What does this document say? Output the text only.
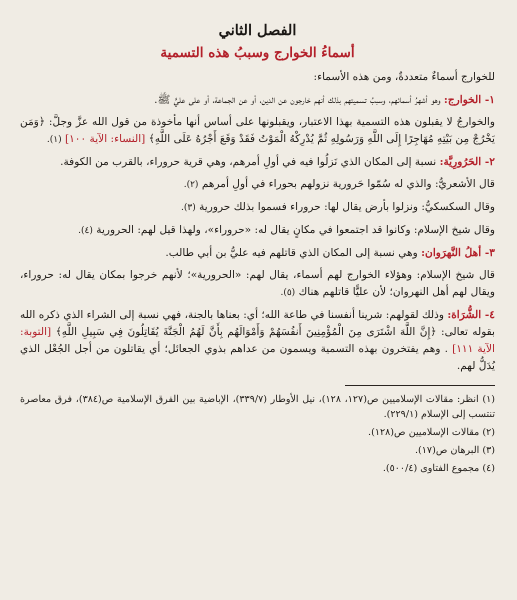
الفصل الثاني
أسماءُ الخوارج وسببُ هذه التسمية

للخوارج أسماءٌ متعددةٌ، ومن هذه الأسماء:

١- الخوارج: وهو أشهرُ أسمائهم، وسببُ تسميتهم بذلك أنهم خارجون عن الدين، أو عن الجماعة، أو على عليٍّ ﷺ.

والخوارجُ لا يقبلون هذه التسمية بهذا الاعتبار، ويقبلونها على أساس أنها مأخوذة من قول الله عزَّ وجلَّ: ﴿وَمَن يَخْرُجْ مِن بَيْتِهِ مُهَاجِرًا إِلَى اللَّهِ وَرَسُولِهِ ثُمَّ يُدْرِكْهُ الْمَوْتُ فَقَدْ وَقَعَ أَجْرُهُ عَلَى اللَّهِ﴾ [النساء: الآية ١٠٠] (١).

٢- الحَرُورِيَّة: نسبة إلى المكان الذي نَزلُوا فيه في أولِ أمرهم، وهي قرية حروراء، بالقرب من الكوفة.

قال الأشعريُّ: والذي له سُمّوا حَرورية نزولهم بحوراء في أولِ أمرهم (٢).

وقال السكسكيُّ: ونزلوا بأرض يقال لها: حروراء فسموا بذلك حرورية (٣).

وقال شيخ الإسلام: وكانوا قد اجتمعوا في مكانٍ يقال له: «حروراء»، ولهذا قيل لهم: الحرورية (٤).

٣- أهلُ النَّهرَوان: وهي نسبة إلى المكان الذي قاتلهم فيه عليُّ بن أبي طالب.

قال شيخ الإسلام: وهؤلاء الخوارج لهم أسماء، يقال لهم: «الحرورية»؛ لأنهم خرجوا بمكان يقال له: حروراء، ويقال لهم أهل النهروان؛ لأن عليًّا قاتلهم هناك (٥).

٤- الشُّرَاة: وذلك لقولهم: شرينا أنفسنا في طاعة الله؛ أي: بعناها بالجنة، فهي نسبة إلى الشراء الذي ذكره الله بقوله تعالى: ﴿إِنَّ اللَّهَ اشْتَرَى مِنَ الْمُؤْمِنِينَ أَنفُسَهُمْ وَأَمْوَالَهُم بِأَنَّ لَهُمُ الْجَنَّةَ يُقَاتِلُونَ فِي سَبِيلِ اللَّهِ﴾ [التوبة: الآية ١١١] . وهم يفتخرون بهذه التسمية ويسمون من عداهم بذوي الجعائل؛ أي يقاتلون من أجل الجُعْل الذي يُدَلُّ لهم.

(١) انظر: مقالات الإسلاميين ص(١٢٧، ١٢٨)، نيل الأوطار (٣٣٩/٧)، الإباضية بين الفرق الإسلامية ص(٣٨٤)، فرق معاصرة تنتسب إلى الإسلام (٢٢٩/١).

(٢) مقالات الإسلاميين ص(١٢٨).

(٣) البرهان ص(١٧).

(٤) مجموع الفتاوى (٥٠٠/٤).
